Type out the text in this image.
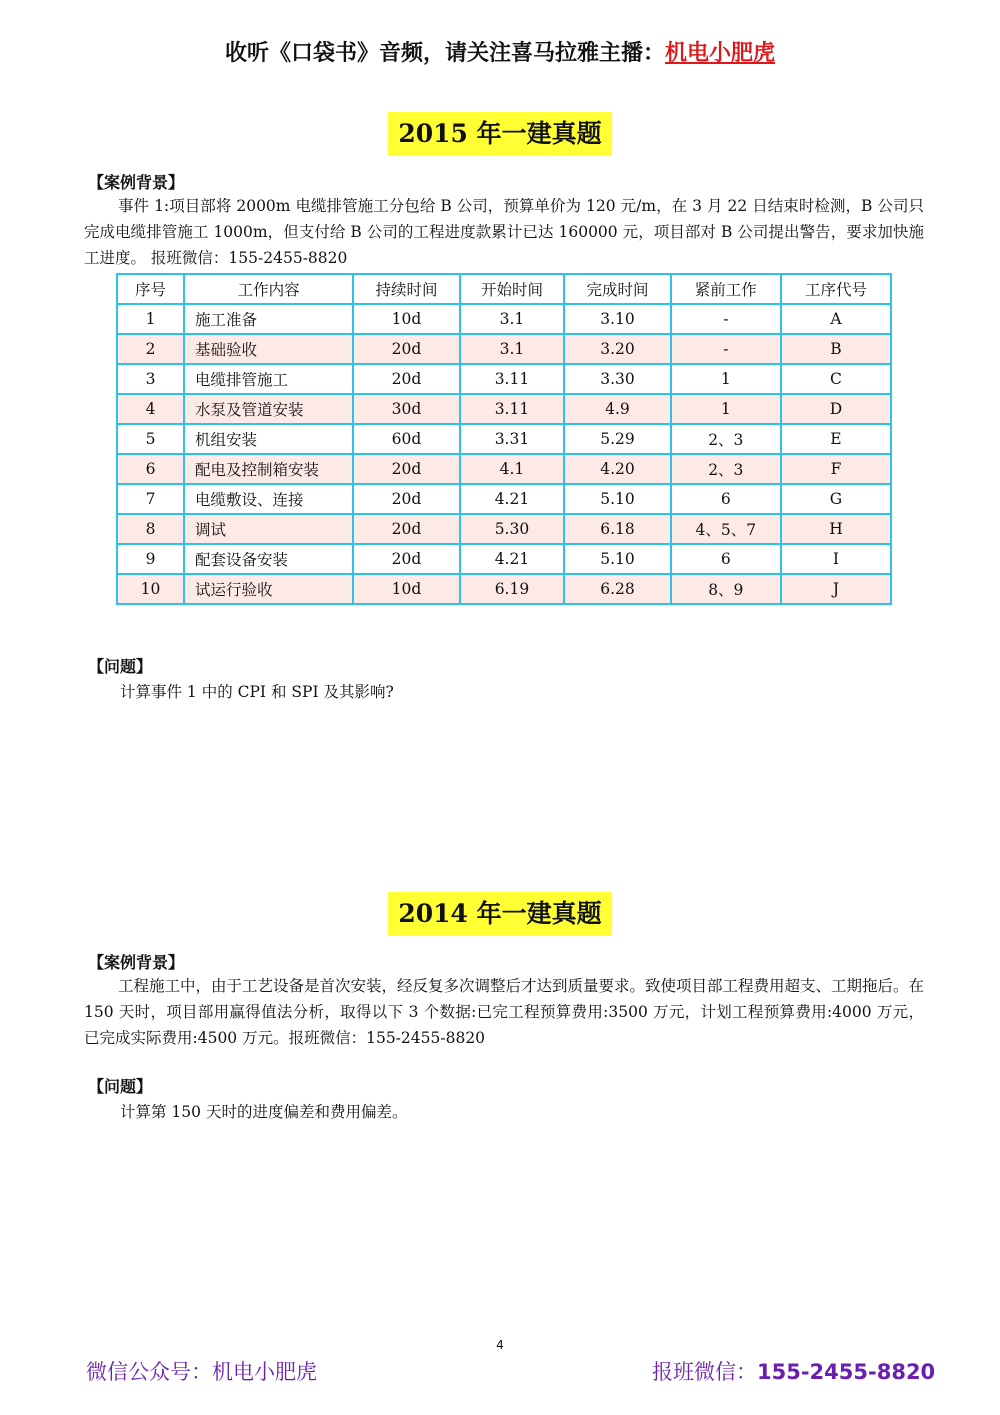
收听《口袋书》音频，请关注喜马拉雅主播：机电小肥虎
2015 年一建真题
【案例背景】
事件 1:项目部将 2000m 电缆排管施工分包给 B 公司，预算单价为 120 元/m，在 3 月 22 日结束时检测，B 公司只完成电缆排管施工 1000m，但支付给 B 公司的工程进度款累计已达 160000 元，项目部对 B 公司提出警告，要求加快施工进度。 报班微信：155-2455-8820
序号	工作内容	持续时间	开始时间	完成时间	紧前工作	工序代号
1	施工准备	10d	3.1	3.10	-	A
2	基础验收	20d	3.1	3.20	-	B
3	电缆排管施工	20d	3.11	3.30	1	C
4	水泵及管道安装	30d	3.11	4.9	1	D
5	机组安装	60d	3.31	5.29	2、3	E
6	配电及控制箱安装	20d	4.1	4.20	2、3	F
7	电缆敷设、连接	20d	4.21	5.10	6	G
8	调试	20d	5.30	6.18	4、5、7	H
9	配套设备安装	20d	4.21	5.10	6	I
10	试运行验收	10d	6.19	6.28	8、9	J
【问题】
计算事件 1 中的 CPI 和 SPI 及其影响?
2014 年一建真题
【案例背景】
工程施工中，由于工艺设备是首次安装，经反复多次调整后才达到质量要求。致使项目部工程费用超支、工期拖后。在 150 天时，项目部用赢得值法分析，取得以下 3 个数据:已完工程预算费用:3500 万元，计划工程预算费用:4000 万元，已完成实际费用:4500 万元。报班微信：155-2455-8820
【问题】
计算第 150 天时的进度偏差和费用偏差。
4
微信公众号：机电小肥虎	报班微信：155-2455-8820
